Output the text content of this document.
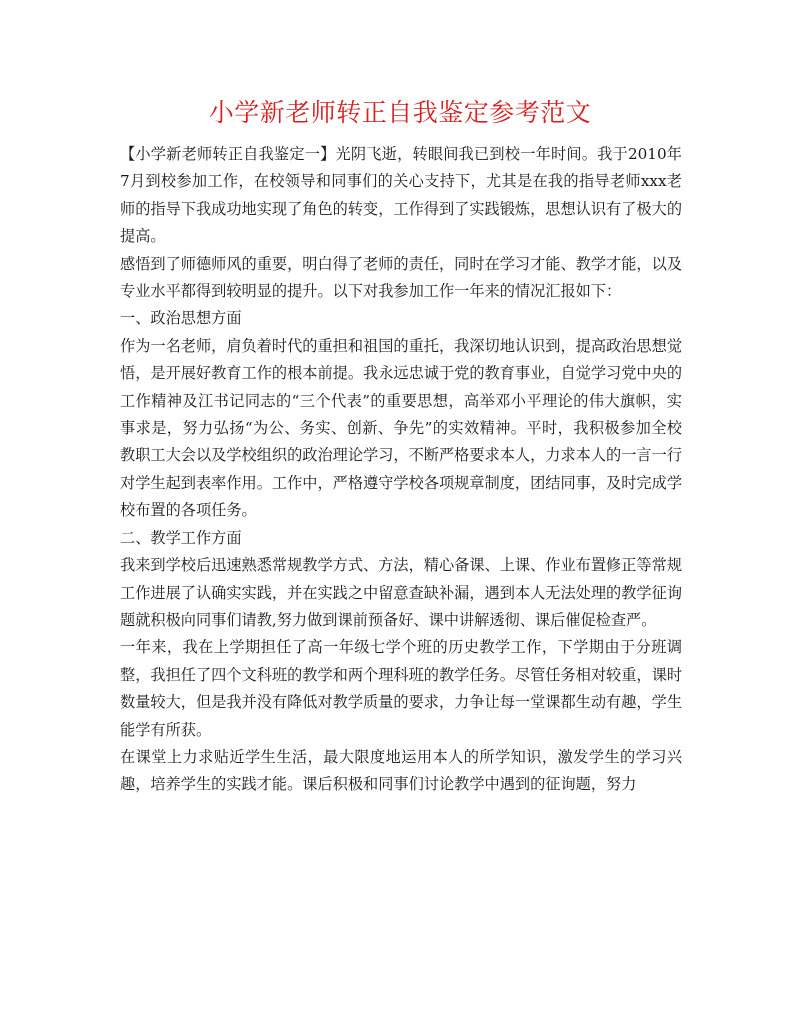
小学新老师转正自我鉴定参考范文

【小学新老师转正自我鉴定一】光阴飞逝，转眼间我已到校一年时间。我于2010年7月到校参加工作，在校领导和同事们的关心支持下，尤其是在我的指导老师xxx老师的指导下我成功地实现了角色的转变，工作得到了实践锻炼，思想认识有了极大的提高。

感悟到了师德师风的重要，明白得了老师的责任，同时在学习才能、教学才能，以及专业水平都得到较明显的提升。以下对我参加工作一年来的情况汇报如下：

一、政治思想方面

作为一名老师，肩负着时代的重担和祖国的重托，我深切地认识到，提高政治思想觉悟，是开展好教育工作的根本前提。我永远忠诚于党的教育事业，自觉学习党中央的工作精神及江书记同志的“三个代表”的重要思想，高举邓小平理论的伟大旗帜，实事求是，努力弘扬“为公、务实、创新、争先”的实效精神。平时，我积极参加全校教职工大会以及学校组织的政治理论学习，不断严格要求本人，力求本人的一言一行对学生起到表率作用。工作中，严格遵守学校各项规章制度，团结同事，及时完成学校布置的各项任务。

二、教学工作方面

我来到学校后迅速熟悉常规教学方式、方法，精心备课、上课、作业布置修正等常规工作进展了认确实实践，并在实践之中留意查缺补漏，遇到本人无法处理的教学征询题就积极向同事们请教,努力做到课前预备好、课中讲解透彻、课后催促检查严。

一年来，我在上学期担任了高一年级七学个班的历史教学工作，下学期由于分班调整，我担任了四个文科班的教学和两个理科班的教学任务。尽管任务相对较重，课时数量较大，但是我并没有降低对教学质量的要求，力争让每一堂课都生动有趣，学生能学有所获。

在课堂上力求贴近学生生活，最大限度地运用本人的所学知识，激发学生的学习兴趣，培养学生的实践才能。课后积极和同事们讨论教学中遇到的征询题，努力
